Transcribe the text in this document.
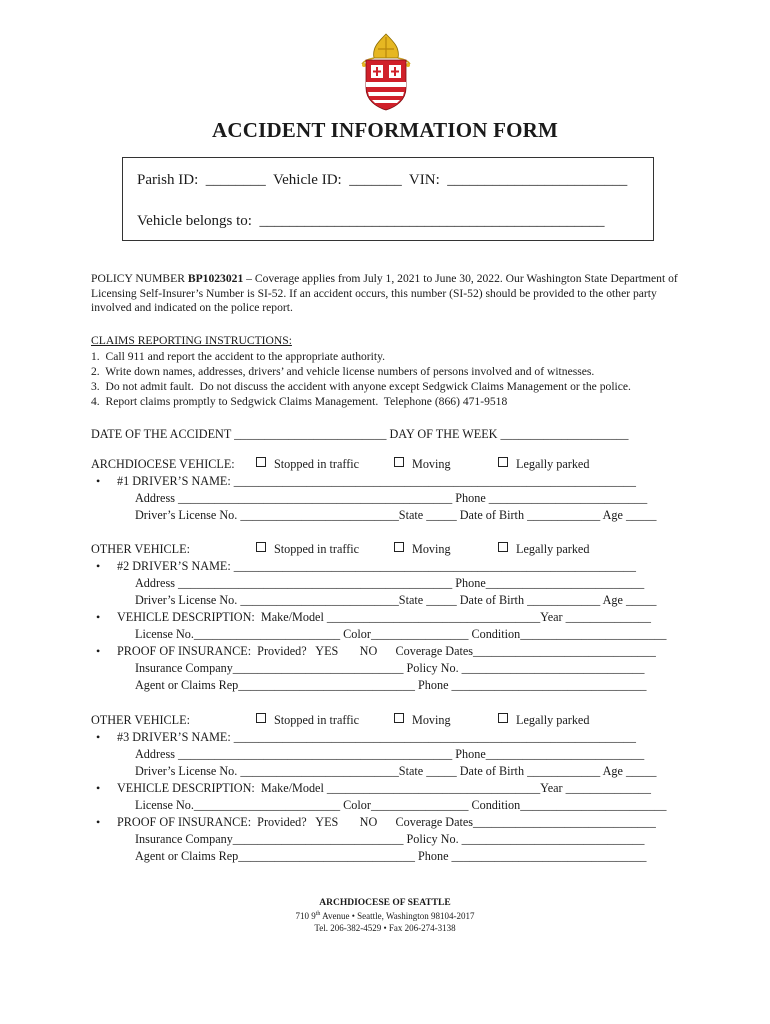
ACCIDENT INFORMATION FORM
Parish ID:  ________  Vehicle ID:  _______  VIN:  ________________________
Vehicle belongs to:  ______________________________________________
POLICY NUMBER BP1023021 – Coverage applies from July 1, 2021 to June 30, 2022. Our Washington State Department of Licensing Self-Insurer’s Number is SI-52. If an accident occurs, this number (SI-52) should be provided to the other party involved and indicated on the police report.
CLAIMS REPORTING INSTRUCTIONS:
1.  Call 911 and report the accident to the appropriate authority.
2.  Write down names, addresses, drivers’ and vehicle license numbers of persons involved and of witnesses.
3.  Do not admit fault.  Do not discuss the accident with anyone except Sedgwick Claims Management or the police.
4.  Report claims promptly to Sedgwick Claims Management.  Telephone (866) 471-9518
DATE OF THE ACCIDENT _________________________ DAY OF THE WEEK _____________________
ARCHDIOCESE VEHICLE:	Stopped in traffic	Moving	Legally parked
• #1 DRIVER’S NAME: __________________________________________________________________
Address _____________________________________________ Phone __________________________
Driver’s License No. __________________________State _____ Date of Birth ____________ Age _____
OTHER VEHICLE:	Stopped in traffic	Moving	Legally parked
• #2 DRIVER’S NAME: __________________________________________________________________
Address _____________________________________________ Phone__________________________
Driver’s License No. __________________________State _____ Date of Birth ____________ Age _____
• VEHICLE DESCRIPTION:  Make/Model ___________________________________Year ______________
License No.________________________ Color________________ Condition________________________
• PROOF OF INSURANCE:  Provided?   YES       NO      Coverage Dates______________________________
Insurance Company____________________________ Policy No. ______________________________
Agent or Claims Rep_____________________________ Phone ________________________________
OTHER VEHICLE:	Stopped in traffic	Moving	Legally parked
• #3 DRIVER’S NAME: __________________________________________________________________
Address _____________________________________________ Phone__________________________
Driver’s License No. __________________________State _____ Date of Birth ____________ Age _____
• VEHICLE DESCRIPTION:  Make/Model ___________________________________Year ______________
License No.________________________ Color________________ Condition________________________
• PROOF OF INSURANCE:  Provided?   YES       NO      Coverage Dates______________________________
Insurance Company____________________________ Policy No. ______________________________
Agent or Claims Rep_____________________________ Phone ________________________________
ARCHDIOCESE OF SEATTLE
710 9th Avenue • Seattle, Washington 98104-2017
Tel. 206-382-4529 • Fax 206-274-3138
